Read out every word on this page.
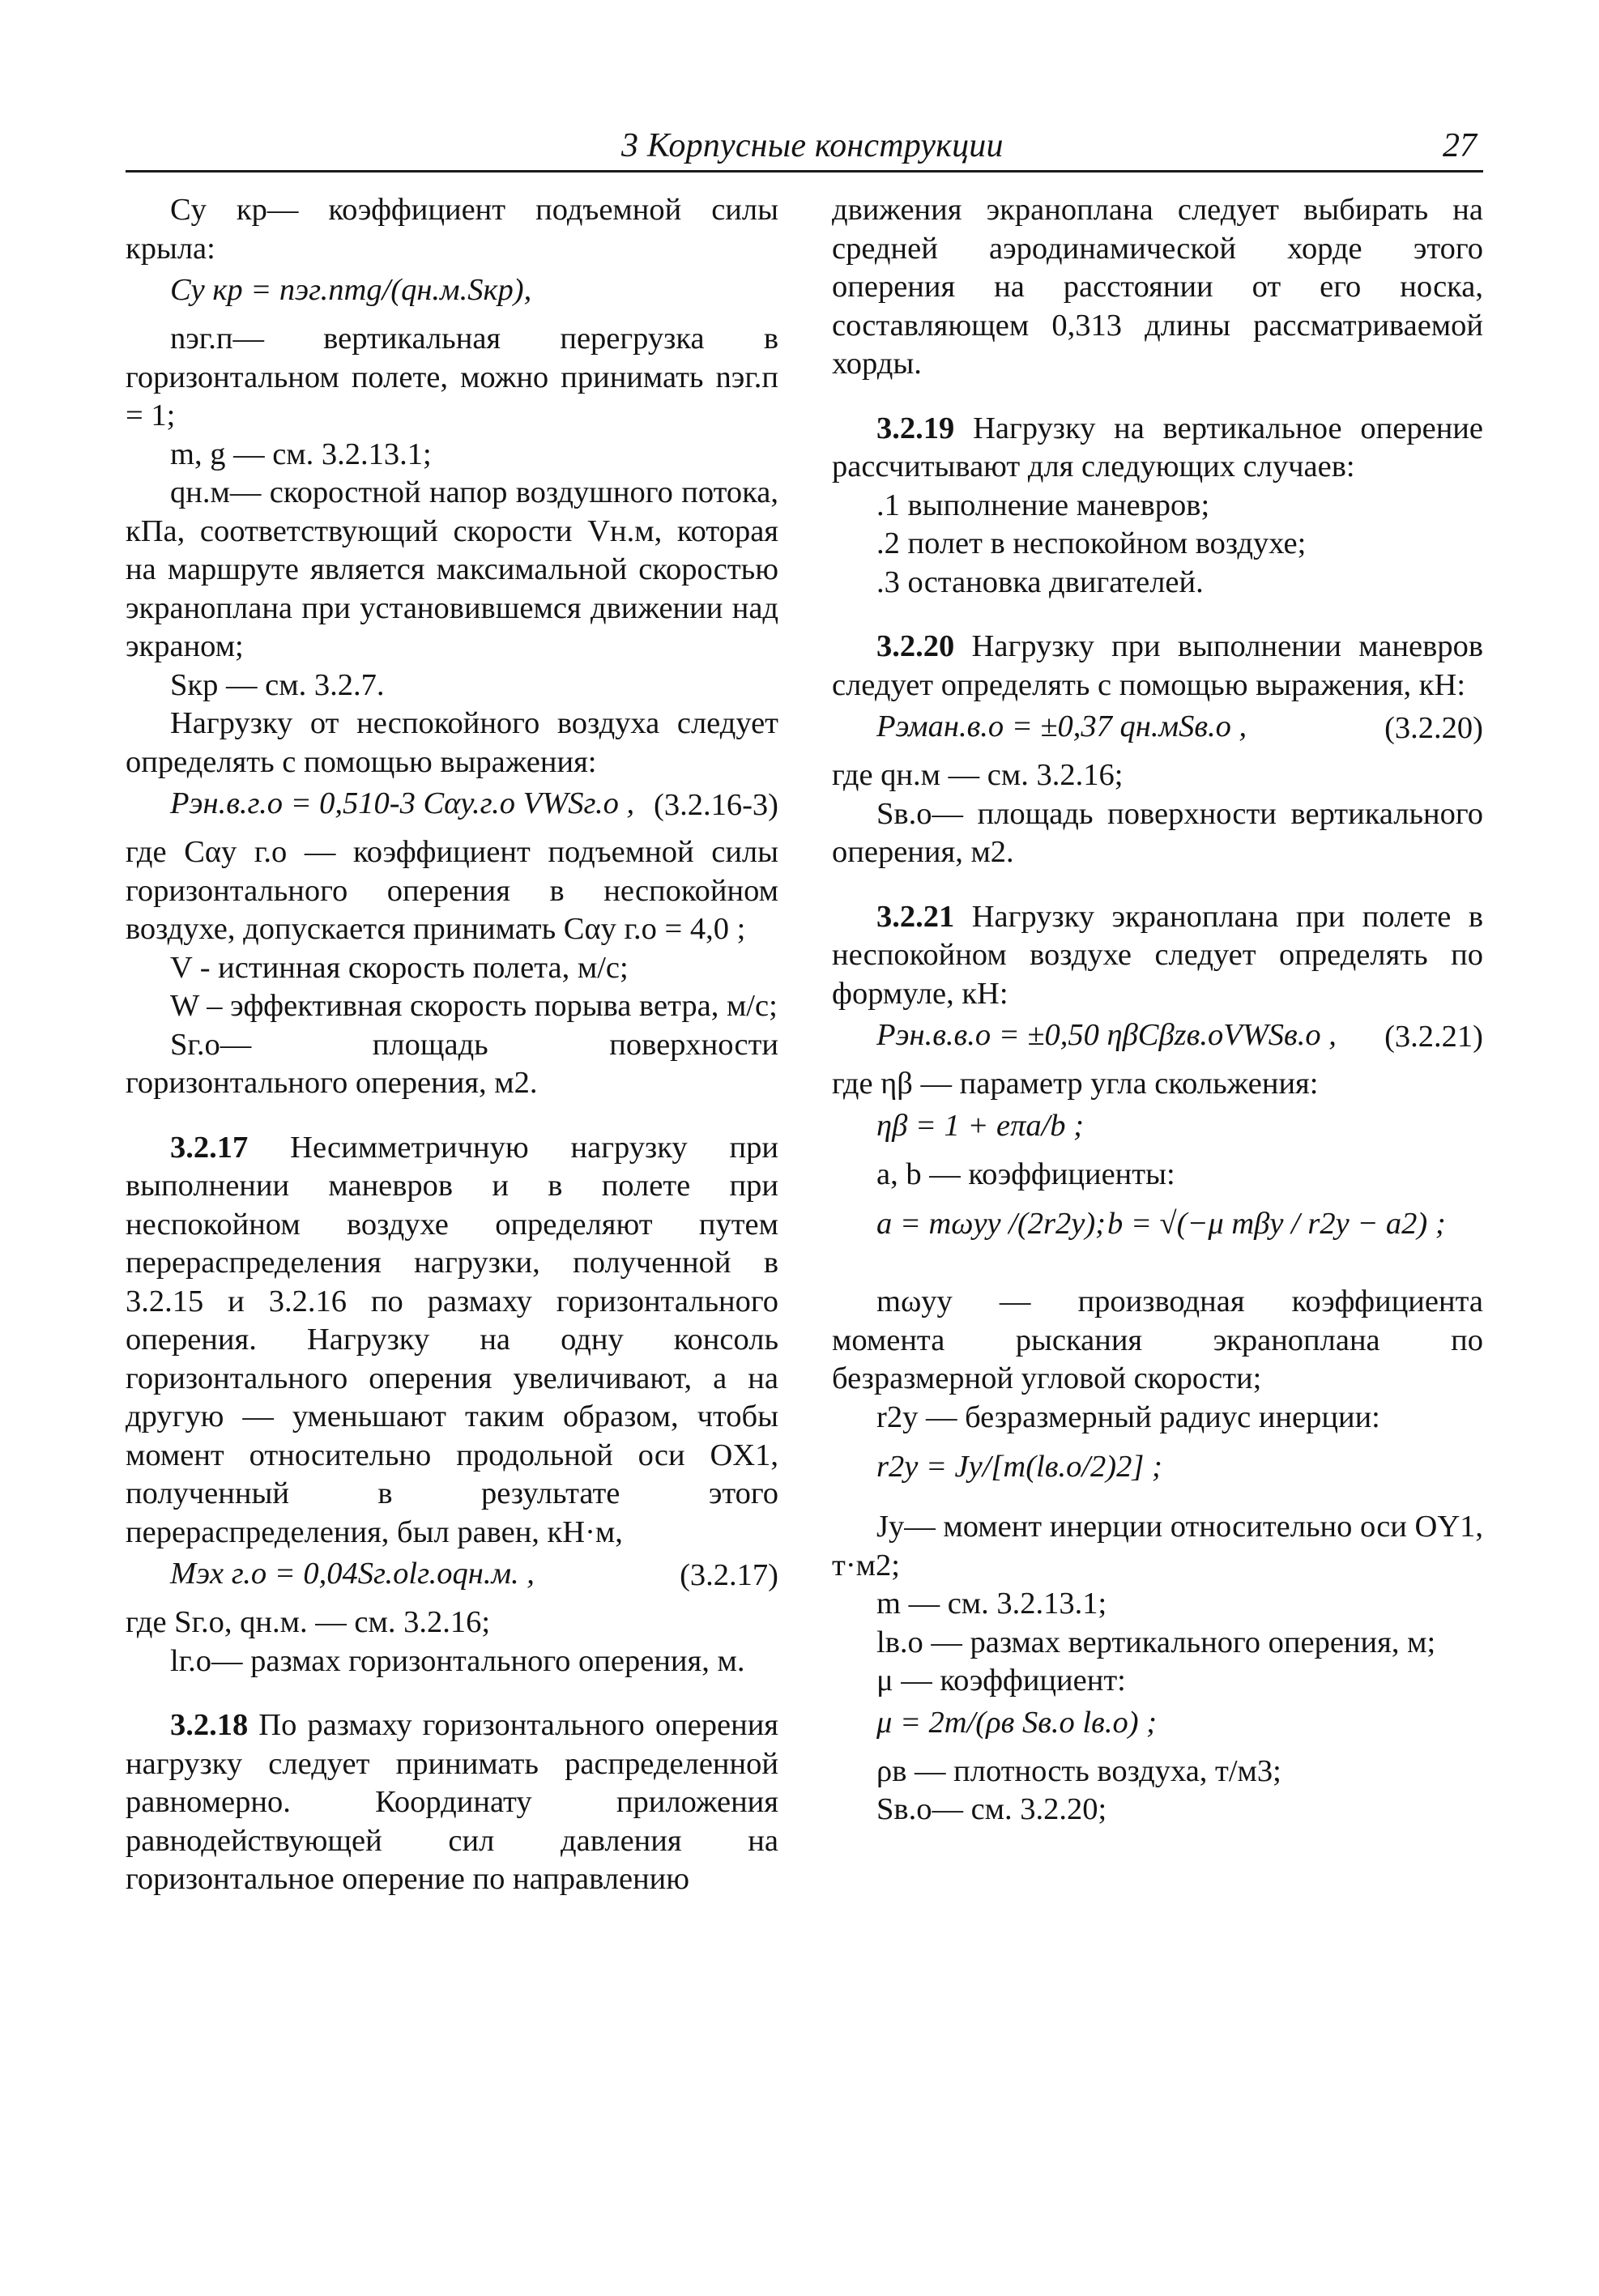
3 Корпусные конструкции	27

Cy кр— коэффициент подъемной силы крыла:

Cy кр = nэг.пmg/(qн.м.Sкр),

nэг.п— вертикальная перегрузка в горизонтальном полете, можно принимать nэг.п = 1;

m, g — см. 3.2.13.1;

qн.м— скоростной напор воздушного потока, кПа, соответствующий скорости Vн.м, которая на маршруте является максимальной скоростью экраноплана при установившемся движении над экраном;

Sкр — см. 3.2.7.

Нагрузку от неспокойного воздуха следует определять с помощью выражения:

Pэн.в.г.о = 0,510-3 Cαу.г.о VWSг.о , (3.2.16-3)

где Cαy г.о — коэффициент подъемной силы горизонтального оперения в неспокойном воздухе, допускается принимать Cαy г.о = 4,0 ;

V - истинная скорость полета, м/с;

W – эффективная скорость порыва ветра, м/с;

Sг.о— площадь поверхности горизонтального оперения, м2.

3.2.17 Несимметричную нагрузку при выполнении маневров и в полете при неспокойном воздухе определяют путем перераспределения нагрузки, полученной в 3.2.15 и 3.2.16 по размаху горизонтального оперения. Нагрузку на одну консоль горизонтального оперения увеличивают, а на другую — уменьшают таким образом, чтобы момент относительно продольной оси OX1, полученный в результате этого перераспределения, был равен, кН·м,

Mэx г.о = 0,04Sг.оlг.оqн.м. ,	(3.2.17)

где Sг.о, qн.м. — см. 3.2.16;

lг.о— размах горизонтального оперения, м.

3.2.18 По размаху горизонтального оперения нагрузку следует принимать распределенной равномерно. Координату приложения равнодействующей сил давления на горизонтальное оперение по направлению

движения экраноплана следует выбирать на средней аэродинамической хорде этого оперения на расстоянии от его носка, составляющем 0,313 длины рассматриваемой хорды.

3.2.19 Нагрузку на вертикальное оперение рассчитывают для следующих случаев:

.1 выполнение маневров;

.2 полет в неспокойном воздухе;

.3 остановка двигателей.

3.2.20 Нагрузку при выполнении маневров следует определять с помощью выражения, кН:

Pэман.в.о = ±0,37 qн.мSв.о ,	(3.2.20)

где qн.м — см. 3.2.16;

Sв.о— площадь поверхности вертикального оперения, м2.

3.2.21 Нагрузку экраноплана при полете в неспокойном воздухе следует определять по формуле, кН:

Pэн.в.в.о = ±0,50 ηβCβzв.оVWSв.о , (3.2.21)

где ηβ — параметр угла скольжения:

ηβ = 1 + eπa/b ;

a, b — коэффициенты:

a = mωyy /(2r2y); b = √(−μ mβy / r2y − a2) ;

mωyy — производная коэффициента момента рыскания экраноплана по безразмерной угловой скорости;

r2y — безразмерный радиус инерции:

r2y = Jy/[m(lв.о/2)2] ;

Jy— момент инерции относительно оси OY1, т·м2;

m — см. 3.2.13.1;

lв.о — размах вертикального оперения, м;

μ — коэффициент:

μ = 2m/(ρв Sв.о lв.о) ;

ρв — плотность воздуха, т/м3;

Sв.о— см. 3.2.20;
